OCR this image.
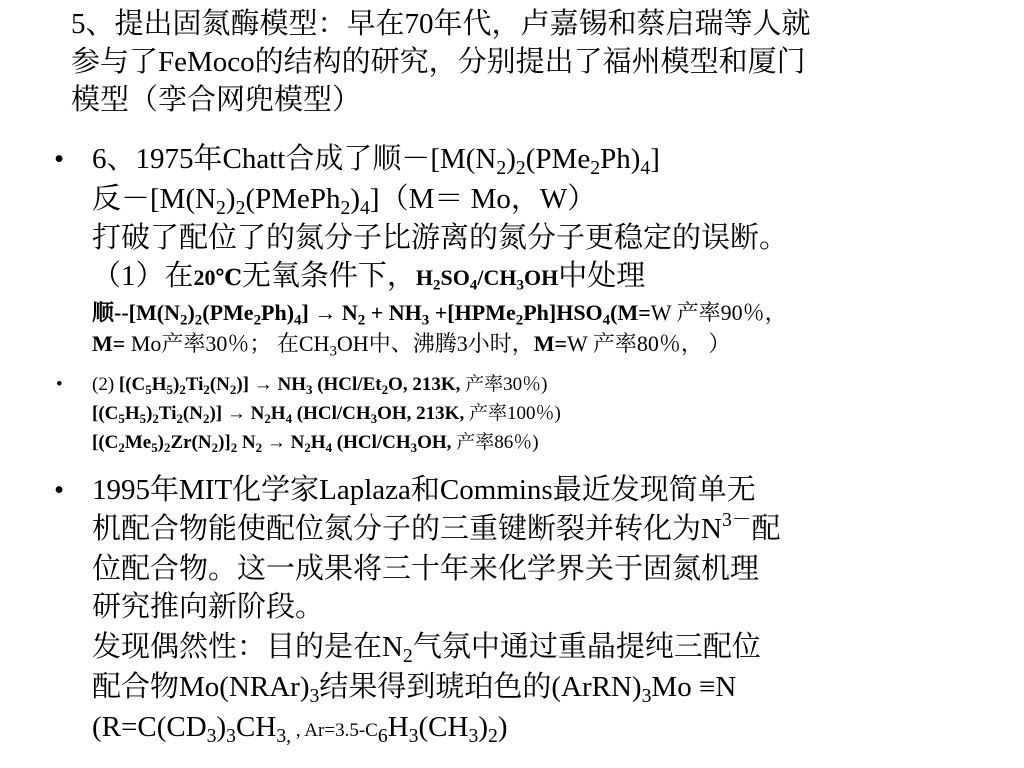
5、提出固氮酶模型：早在70年代，卢嘉锡和蔡启瑞等人就
参与了FeMoco的结构的研究，分别提出了福州模型和厦门
模型（孪合网兜模型）
• 6、1975年Chatt合成了顺$-[M(N_2)_2(PMe_2Ph)_4]$
反$-[M(N_2)_2(PMePh_2)_4](M= Mo$，W）
打破了配位了的氮分子比游离的氮分子更稳定的误断。
（1）在20℃无氧条件下，$H_2SO_4/CH_3OH$中处理
顺$--[M(N_2)_2(PMe_2Ph)_4] \to N_2 + NH_3$ $+[HPMe_2Ph]HSO_4(M=W$ 产率90％，
M= Mo产率30％； 在$CH_3OH$中、沸腾3小时，M=W 产率80％， ）
• (2) $[(C_5H_5)_2Ti_2(N_2)] \to NH_3$ ($HCl/Et_2O$, 213K, 产率30％)
$[(C_5H_5)_2Ti_2(N_2)] \to N_2H_4$ ($HCl/CH_3OH$, 213K, 产率100％)
$[(C_2Me_5)_2Zr(N_2)]_2$ $N_2 \to N_2H_4$ ($HCl/CH_3OH$, 产率86％)
• 1995年MIT化学家Laplaza和Commins最近发现简单无
机配合物能使配位氮分子的三重键断裂并转化为$N^{3-}$配
位配合物。这一成果将三十年来化学界关于固氮机理
研究推向新阶段。
发现偶然性：目的是在$N_2$气氛中通过重晶提纯三配位
配合物$Mo(NRAr)_3$结果得到琥珀色的$(ArRN)_3Mo \equiv N$
($R=C(CD_3)_3CH_{3,}$ , $Ar=3.5-C_6H_3(CH_3)_2$)
